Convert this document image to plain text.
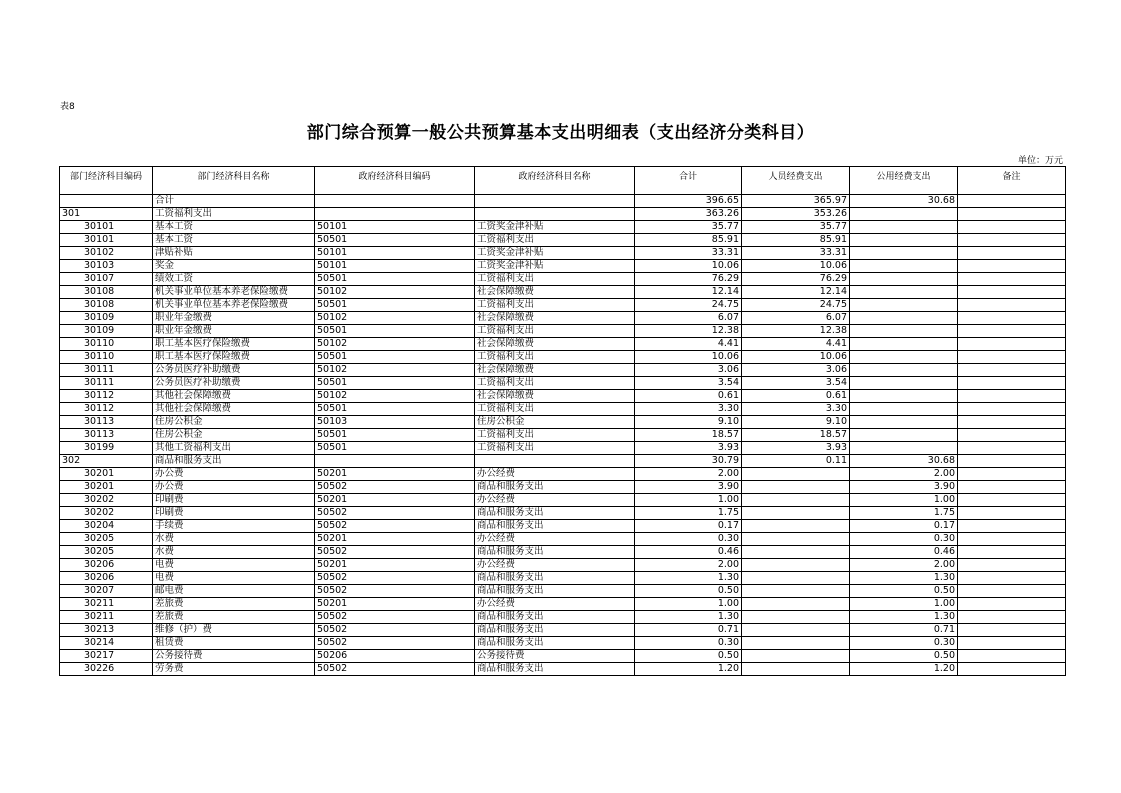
表8
部门综合预算一般公共预算基本支出明细表（支出经济分类科目）
单位：万元
部门经济科目编码	部门经济科目名称	政府经济科目编码	政府经济科目名称	合计	人员经费支出	公用经费支出	备注
	合计			396.65	365.97	30.68	
301	工资福利支出			363.26	353.26		
30101	基本工资	50101	工资奖金津补贴	35.77	35.77		
30101	基本工资	50501	工资福利支出	85.91	85.91		
30102	津贴补贴	50101	工资奖金津补贴	33.31	33.31		
30103	奖金	50101	工资奖金津补贴	10.06	10.06		
30107	绩效工资	50501	工资福利支出	76.29	76.29		
30108	机关事业单位基本养老保险缴费	50102	社会保障缴费	12.14	12.14		
30108	机关事业单位基本养老保险缴费	50501	工资福利支出	24.75	24.75		
30109	职业年金缴费	50102	社会保障缴费	6.07	6.07		
30109	职业年金缴费	50501	工资福利支出	12.38	12.38		
30110	职工基本医疗保险缴费	50102	社会保障缴费	4.41	4.41		
30110	职工基本医疗保险缴费	50501	工资福利支出	10.06	10.06		
30111	公务员医疗补助缴费	50102	社会保障缴费	3.06	3.06		
30111	公务员医疗补助缴费	50501	工资福利支出	3.54	3.54		
30112	其他社会保障缴费	50102	社会保障缴费	0.61	0.61		
30112	其他社会保障缴费	50501	工资福利支出	3.30	3.30		
30113	住房公积金	50103	住房公积金	9.10	9.10		
30113	住房公积金	50501	工资福利支出	18.57	18.57		
30199	其他工资福利支出	50501	工资福利支出	3.93	3.93		
302	商品和服务支出			30.79	0.11	30.68	
30201	办公费	50201	办公经费	2.00		2.00	
30201	办公费	50502	商品和服务支出	3.90		3.90	
30202	印刷费	50201	办公经费	1.00		1.00	
30202	印刷费	50502	商品和服务支出	1.75		1.75	
30204	手续费	50502	商品和服务支出	0.17		0.17	
30205	水费	50201	办公经费	0.30		0.30	
30205	水费	50502	商品和服务支出	0.46		0.46	
30206	电费	50201	办公经费	2.00		2.00	
30206	电费	50502	商品和服务支出	1.30		1.30	
30207	邮电费	50502	商品和服务支出	0.50		0.50	
30211	差旅费	50201	办公经费	1.00		1.00	
30211	差旅费	50502	商品和服务支出	1.30		1.30	
30213	维修（护）费	50502	商品和服务支出	0.71		0.71	
30214	租赁费	50502	商品和服务支出	0.30		0.30	
30217	公务接待费	50206	公务接待费	0.50		0.50	
30226	劳务费	50502	商品和服务支出	1.20		1.20	
